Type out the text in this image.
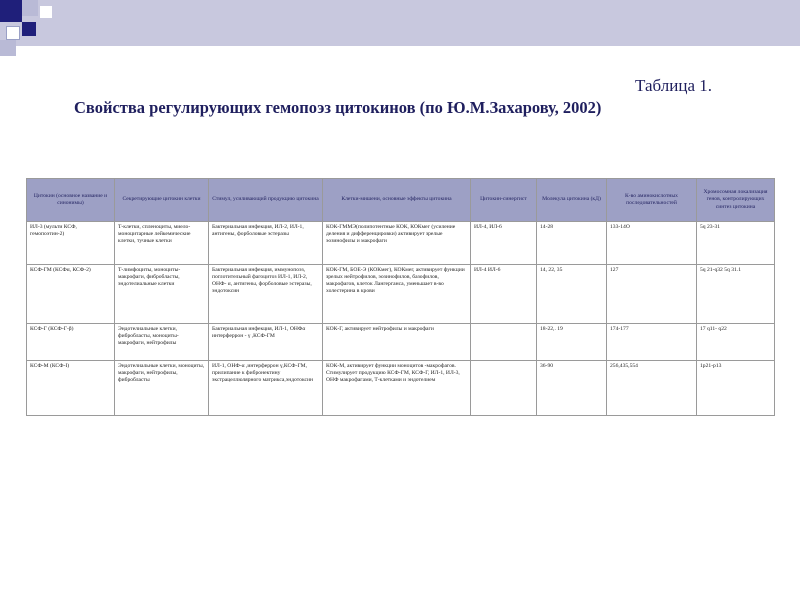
Таблица 1.
Свойства регулирующих гемопоэз цитокинов (по Ю.М.Захарову, 2002)
Цитокин (основное название и синонимы)	Секретирующие цитокин клетки	Стимул, усиливающий продукцию цитокина	Клетки-мишени, основные эффекты цитокина	Цитокин-синергист	Молекула цитокина (кД)	К-во аминокислотных последовательностей	Хромосомная локализация генов, контролирующих синтез цитокина
ИЛ-3 (мульти КСФ, гемопоэтин-2)	Т-клетки, спленоциты, миело-моноцитарные лейкемические клетки, тучные клетки	Бактериальная инфекция, ИЛ-2, ИЛ-1, антигены, форболовые эстеразы	КОК-ГММЭ(полипотентные КОК, КОКмег (усиление деления и дифференцировки) активирует зрелые эозинофилы и макрофаги	ИЛ-4, ИЛ-6	14-28	133-14О	5q 23-31
КСФ-ГМ (КСФα, КСФ-2)	Т-лимфоциты, моноциты-макрофаги, фибробласты, эндотелиальные клетки	Бактериальная инфекция, иммунопоэз, поглотительный фагоцитоз ИЛ-1, ИЛ-2, ОНФ- α, антигены, форболовые эстеразы, эндотоксин	КОК-ГМ, БОЕ-Э (КОКмег), КОКмег, активирует функции зрелых нейтрофилов, эозинофилов, базофилов, макрофагов, клеток Лангерганса, уменьшает в-во холестерина в крови	ИЛ-4 ИЛ-6	14, 22, 35	127	5q 21-q32 5q 31.1
КСФ-Г (КСФ-Г-β)	Эндотелиальные клетки, фибробласты, моноциты-макрофаги, нейтрофилы	Бактериальная инфекция, ИЛ-1, ОНФα интерферрон - γ ,КСФ-ГМ	КОК-Г, активирует нейтрофилы и макрофаги		18-22,. 19	174-177	17 q11- q22
КСФ-М (КСФ-I)	Эндотелиальные клетки, моноциты, макрофаги, нейтрофилы, фибробласты	ИЛ-1, ОНФ-α ,интерферрон γ,КСФ-ГМ, прилипание к фибронектину экстрацеллюлярного матрикса,эндотоксин	КОК-М, активирует функции моноцитов -макрофагов. Стимулирует продукцию КСФ-ГМ, КСФ-Г, ИЛ-1, ИЛ-3, ОНФ макрофагами, Т-клетками и эндотелием		36-90	256,435,554	1p21-p13
